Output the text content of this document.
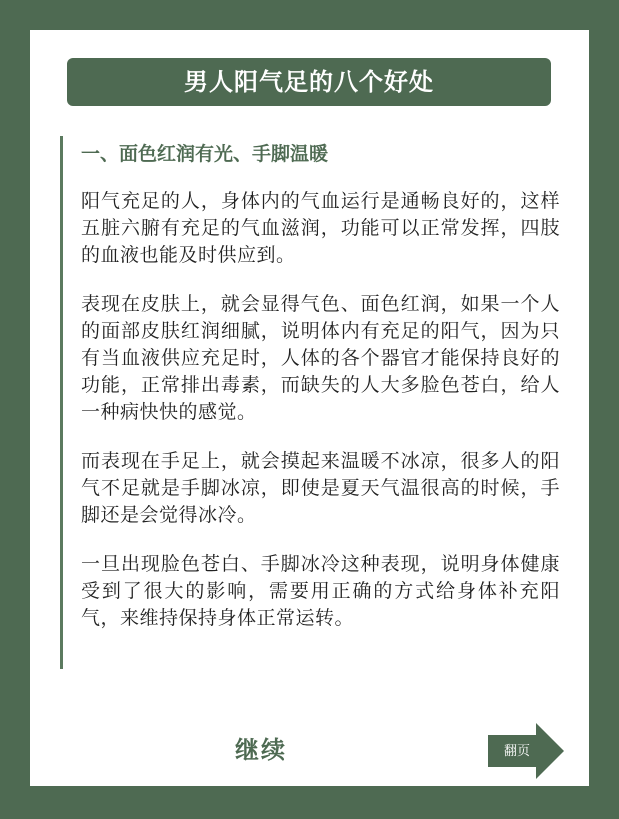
男人阳气足的八个好处
一、面色红润有光、手脚温暖

阳气充足的人，身体内的气血运行是通畅良好的，这样五脏六腑有充足的气血滋润，功能可以正常发挥，四肢的血液也能及时供应到。

表现在皮肤上，就会显得气色、面色红润，如果一个人的面部皮肤红润细腻，说明体内有充足的阳气，因为只有当血液供应充足时，人体的各个器官才能保持良好的功能，正常排出毒素，而缺失的人大多脸色苍白，给人一种病快快的感觉。

而表现在手足上，就会摸起来温暖不冰凉，很多人的阳气不足就是手脚冰凉，即使是夏天气温很高的时候，手脚还是会觉得冰冷。

一旦出现脸色苍白、手脚冰冷这种表现，说明身体健康受到了很大的影响，需要用正确的方式给身体补充阳气，来维持保持身体正常运转。

继续	翻页
